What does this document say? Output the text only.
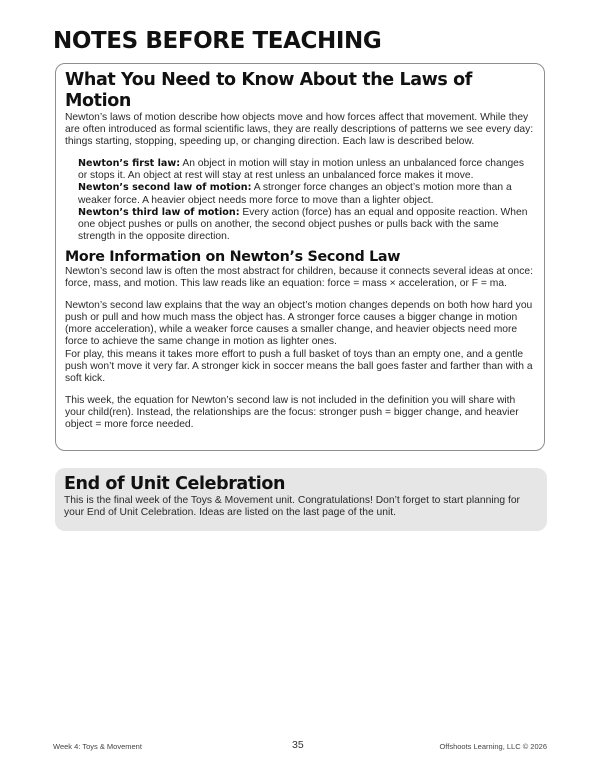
NOTES BEFORE TEACHING
What You Need to Know About the Laws of Motion

Newton’s laws of motion describe how objects move and how forces affect that movement. While they are often introduced as formal scientific laws, they are really descriptions of patterns we see every day: things starting, stopping, speeding up, or changing direction. Each law is described below.

Newton’s first law: An object in motion will stay in motion unless an unbalanced force changes or stops it. An object at rest will stay at rest unless an unbalanced force makes it move.

Newton’s second law of motion: A stronger force changes an object’s motion more than a weaker force. A heavier object needs more force to move than a lighter object.

Newton’s third law of motion: Every action (force) has an equal and opposite reaction. When one object pushes or pulls on another, the second object pushes or pulls back with the same strength in the opposite direction.

More Information on Newton’s Second Law

Newton’s second law is often the most abstract for children, because it connects several ideas at once: force, mass, and motion. This law reads like an equation: force = mass × acceleration, or F = ma.

Newton’s second law explains that the way an object’s motion changes depends on both how hard you push or pull and how much mass the object has. A stronger force causes a bigger change in motion (more acceleration), while a weaker force causes a smaller change, and heavier objects need more force to achieve the same change in motion as lighter ones.

For play, this means it takes more effort to push a full basket of toys than an empty one, and a gentle push won’t move it very far. A stronger kick in soccer means the ball goes faster and farther than with a soft kick.

This week, the equation for Newton’s second law is not included in the definition you will share with your child(ren). Instead, the relationships are the focus: stronger push = bigger change, and heavier object = more force needed.

End of Unit Celebration

This is the final week of the Toys & Movement unit. Congratulations! Don’t forget to start planning for your End of Unit Celebration. Ideas are listed on the last page of the unit.

Week 4: Toys & Movement	35	Offshoots Learning, LLC © 2026
